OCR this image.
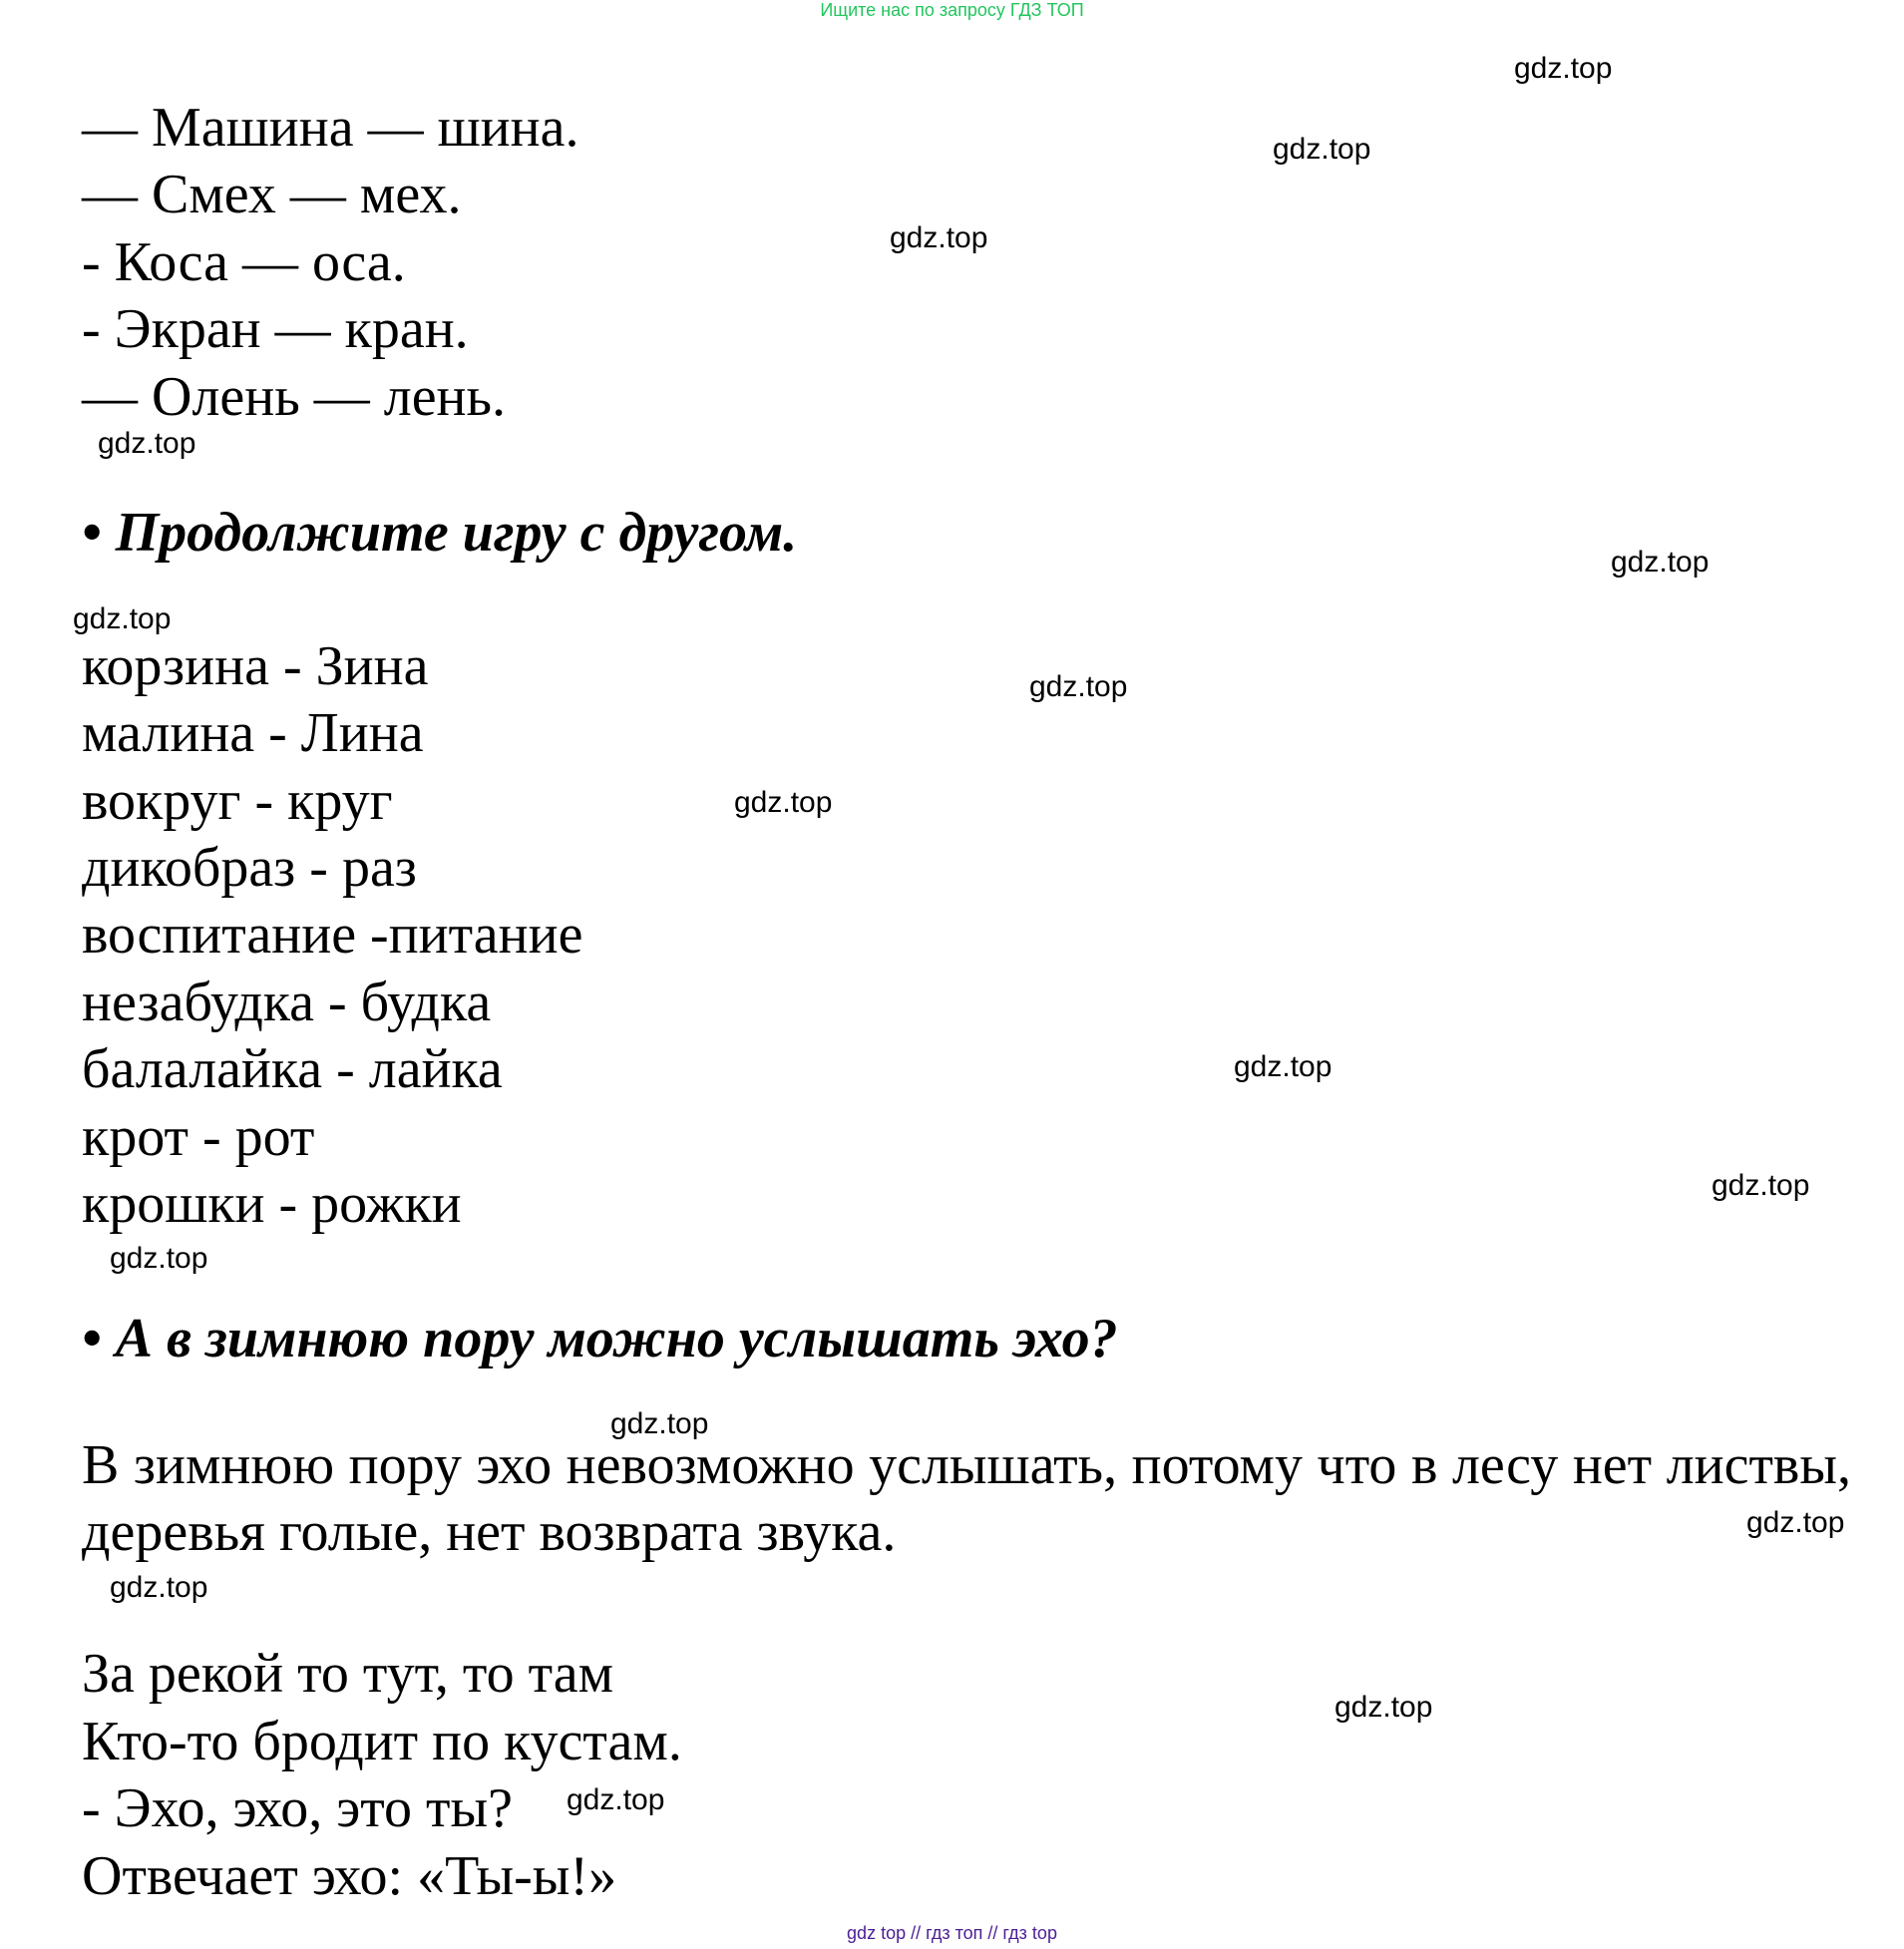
Ищите нас по запросу ГДЗ ТОП
— Машина — шина.
— Смех — мех.
- Коса — оса.
- Экран — кран.
— Олень — лень.
• Продолжите игру с другом.
корзина - Зина
малина - Лина
вокруг - круг
дикобраз - раз
воспитание -питание
незабудка - будка
балалайка - лайка
крот - рот
крошки - рожки
• А в зимнюю пору можно услышать эхо?
В зимнюю пору эхо невозможно услышать, потому что в лесу нет листвы, деревья голые, нет возврата звука.
За рекой то тут, то там
Кто-то бродит по кустам.
- Эхо, эхо, это ты?
Отвечает эхо: «Ты-ы!»
gdz.top
gdz.top
gdz.top
gdz.top
gdz.top
gdz.top
gdz.top
gdz.top
gdz.top
gdz.top
gdz.top
gdz.top
gdz.top
gdz.top
gdz.top
gdz.top
gdz top // гдз топ // гдз top
